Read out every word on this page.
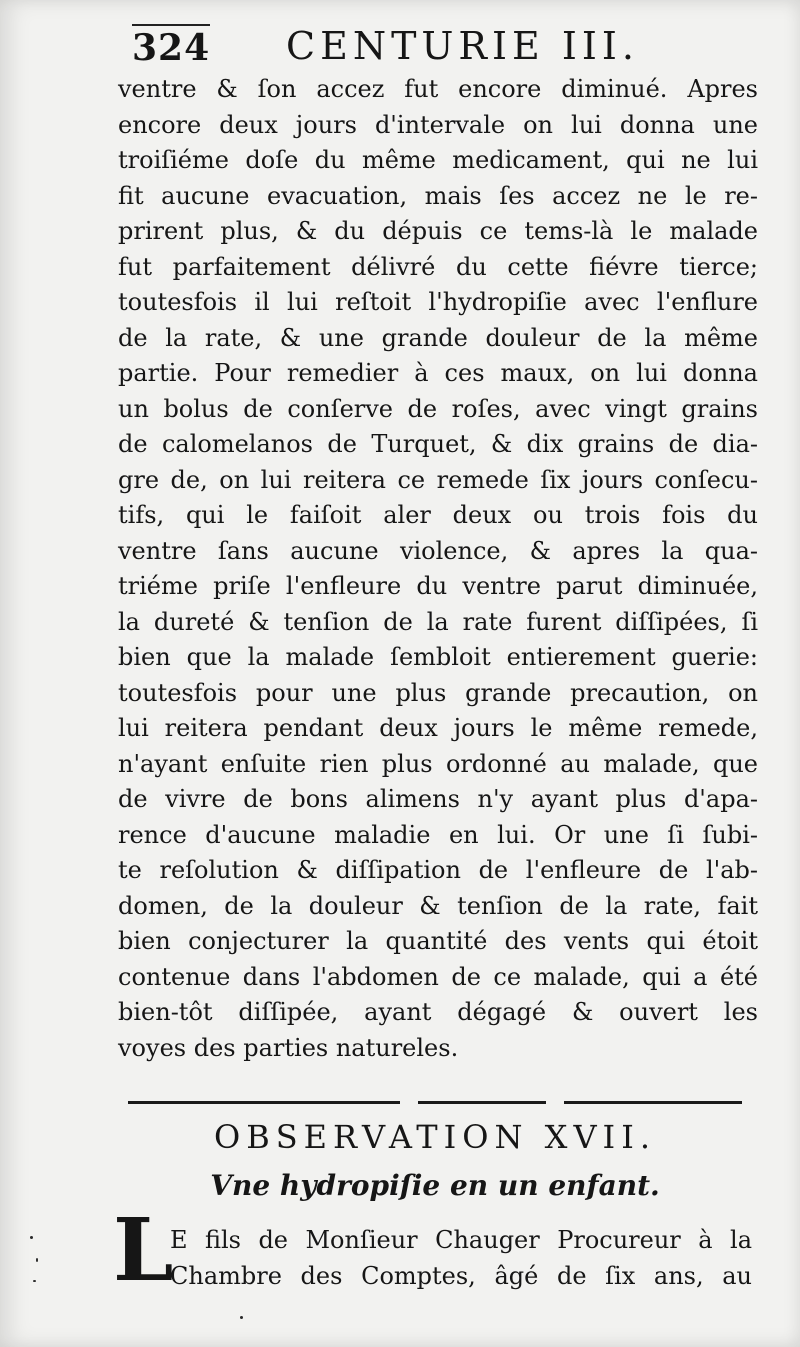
324 CENTURIE III.
ventre & ſon accez fut encore diminué. Apres
encore deux jours d'intervale on lui donna une
troiſiéme doſe du même medicament, qui ne lui
fit aucune evacuation, mais ſes accez ne le re-
prirent plus, & du dépuis ce tems-là le malade
fut parfaitement délivré du cette fiévre tierce;
toutesfois il lui reſtoit l'hydropiſie avec l'enflure
de la rate, & une grande douleur de la même
partie. Pour remedier à ces maux, on lui donna
un bolus de conſerve de roſes, avec vingt grains
de calomelanos de Turquet, & dix grains de dia-
gre de, on lui reitera ce remede ſix jours conſecu-
tifs, qui le faiſoit aler deux ou trois fois du
ventre ſans aucune violence, & apres la qua-
triéme priſe l'enfleure du ventre parut diminuée,
la dureté & tenſion de la rate furent diſſipées, ſi
bien que la malade ſembloit entierement guerie:
toutesfois pour une plus grande precaution, on
lui reitera pendant deux jours le même remede,
n'ayant enſuite rien plus ordonné au malade, que
de vivre de bons alimens n'y ayant plus d'apa-
rence d'aucune maladie en lui. Or une ſi ſubi-
te reſolution & diſſipation de l'enfleure de l'ab-
domen, de la douleur & tenſion de la rate, fait
bien conjecturer la quantité des vents qui étoit
contenue dans l'abdomen de ce malade, qui a été
bien-tôt diſſipée, ayant dégagé & ouvert les
voyes des parties natureles.
OBSERVATION XVII.
Vne hydropiſie en un enfant.
L
E fils de Monſieur Chauger Procureur à la
Chambre des Comptes, âgé de ſix ans, au
